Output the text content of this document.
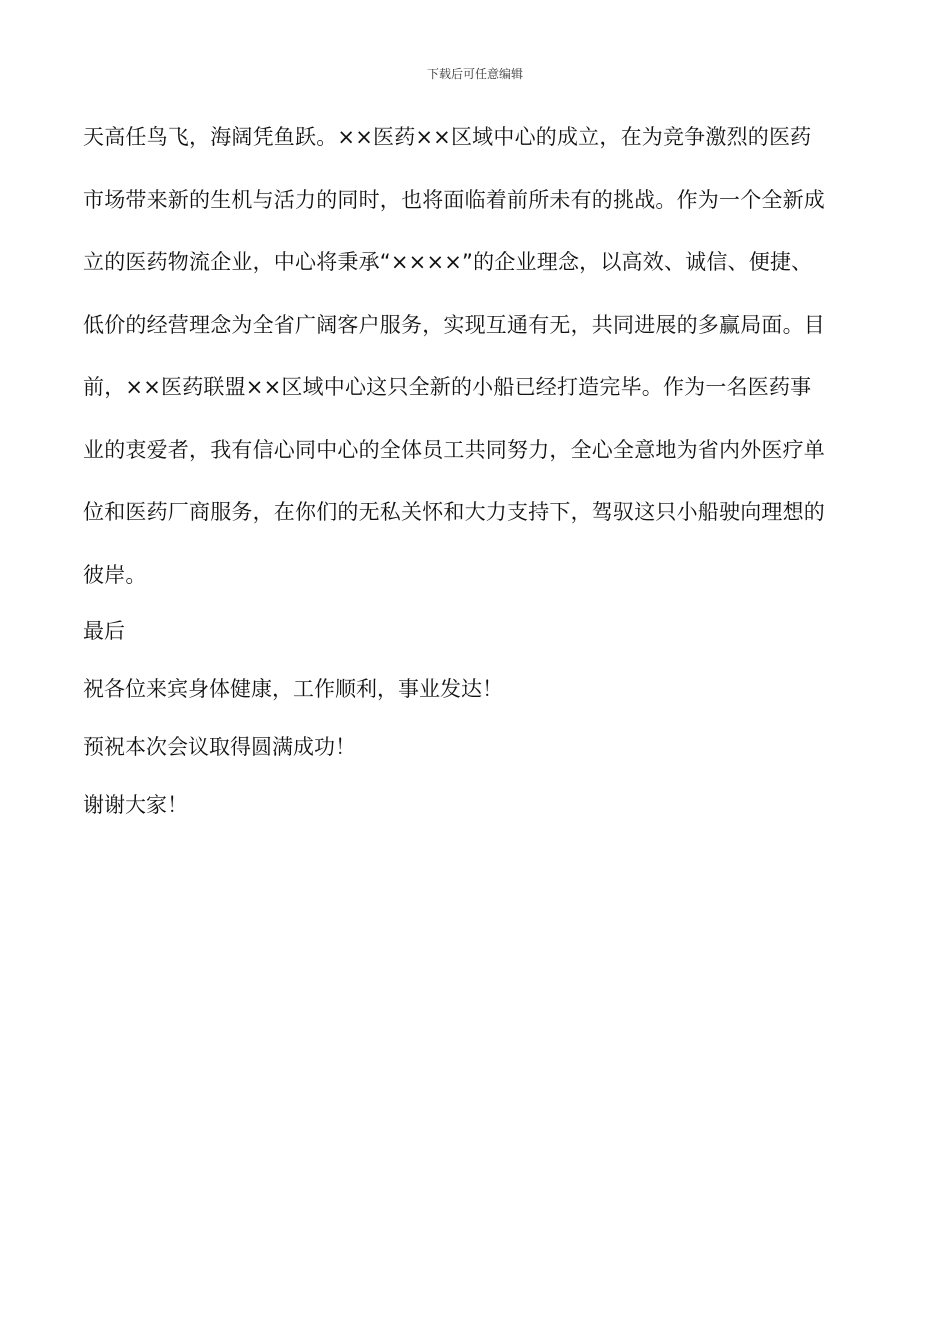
下载后可任意编辑
天高任鸟飞，海阔凭鱼跃。××医药××区域中心的成立，在为竞争激烈的医药
市场带来新的生机与活力的同时，也将面临着前所未有的挑战。作为一个全新成
立的医药物流企业，中心将秉承“××××”的企业理念，以高效、诚信、便捷、
低价的经营理念为全省广阔客户服务，实现互通有无，共同进展的多赢局面。目
前，××医药联盟××区域中心这只全新的小船已经打造完毕。作为一名医药事
业的衷爱者，我有信心同中心的全体员工共同努力，全心全意地为省内外医疗单
位和医药厂商服务，在你们的无私关怀和大力支持下，驾驭这只小船驶向理想的
彼岸。
最后
祝各位来宾身体健康，工作顺利，事业发达！
预祝本次会议取得圆满成功！
谢谢大家！
